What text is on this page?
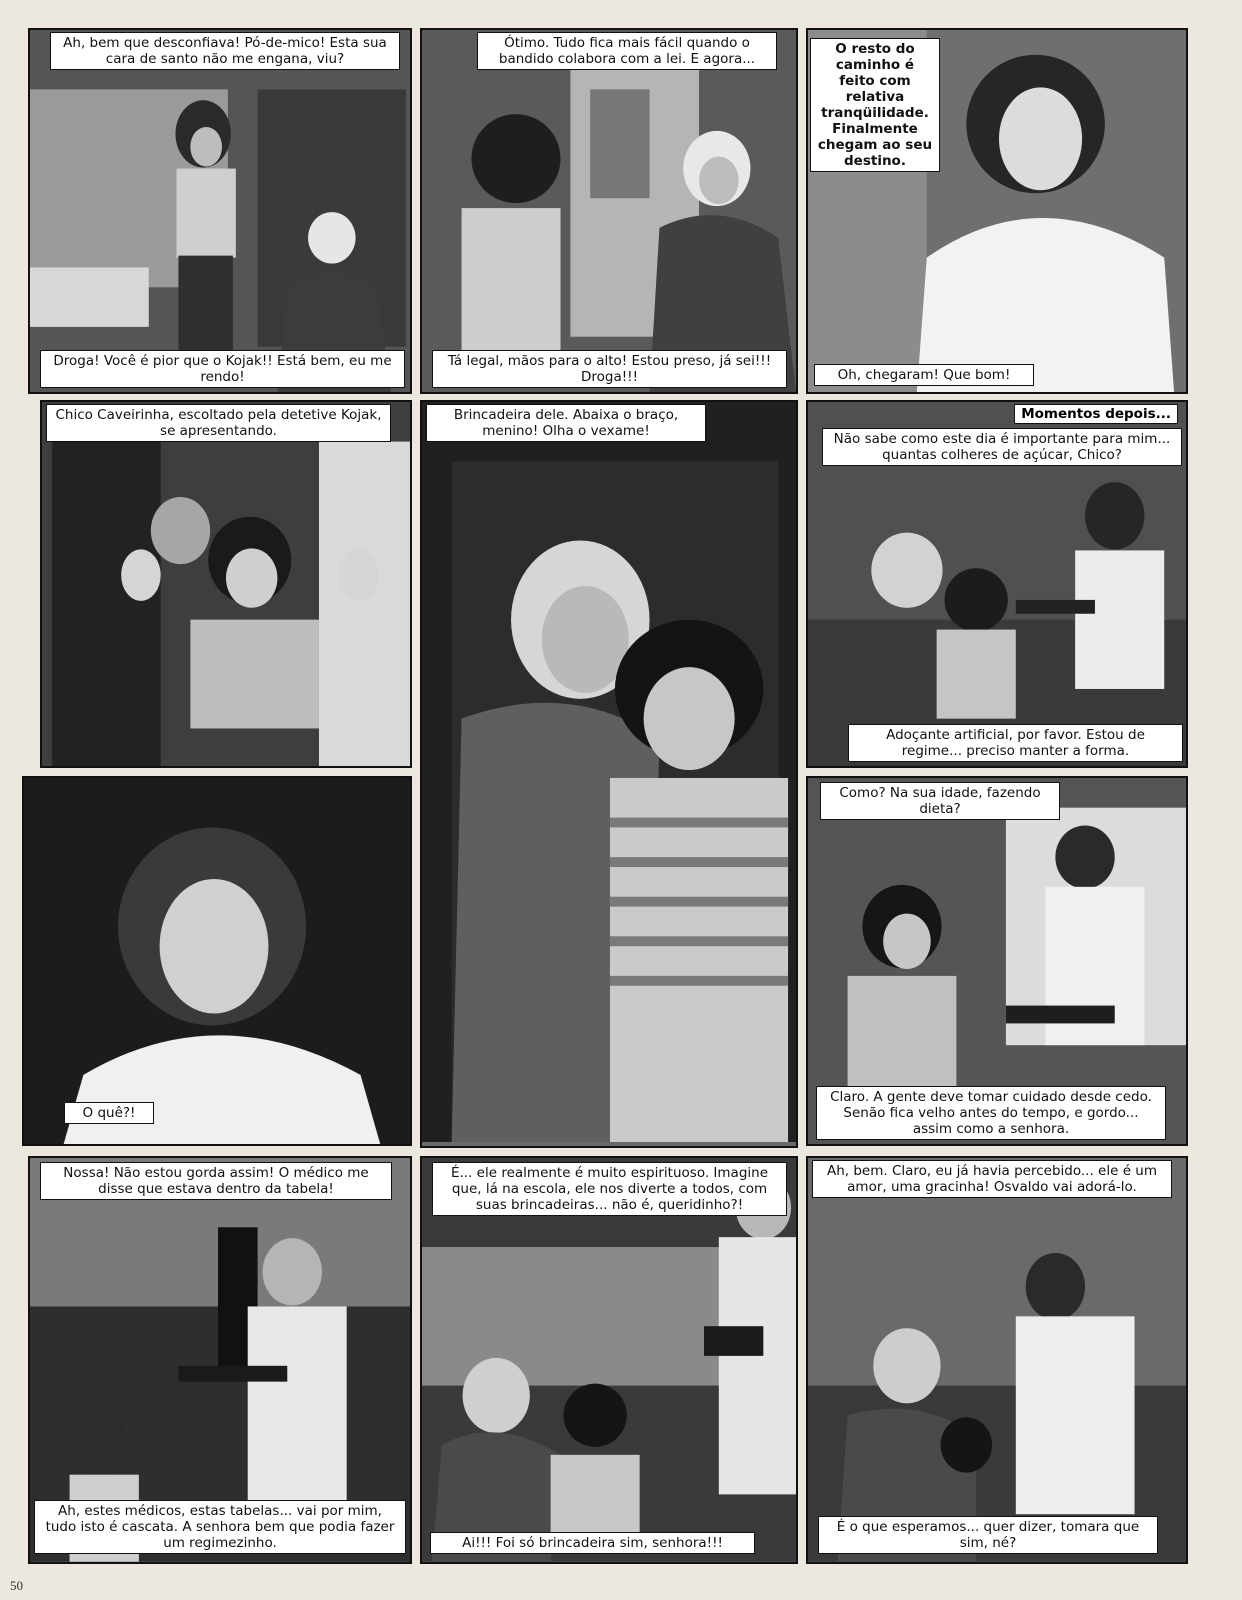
Ah, bem que desconfiava! Pó-de-mico! Esta sua cara de santo não me engana, viu?
Droga! Você é pior que o Kojak!! Está bem, eu me rendo!
Ótimo. Tudo fica mais fácil quando o bandido colabora com a lei. E agora...
Tá legal, mãos para o alto! Estou preso, já sei!!! Droga!!!
O resto do caminho é feito com relativa tranqüilidade. Finalmente chegam ao seu destino.
Oh, chegaram! Que bom!
Chico Caveirinha, escoltado pela detetive Kojak, se apresentando.
Brincadeira dele. Abaixa o braço, menino! Olha o vexame!
Momentos depois...
Não sabe como este dia é importante para mim... quantas colheres de açúcar, Chico?
Adoçante artificial, por favor. Estou de regime... preciso manter a forma.
O quê?!
Como? Na sua idade, fazendo dieta?
Claro. A gente deve tomar cuidado desde cedo. Senão fica velho antes do tempo, e gordo... assim como a senhora.
Nossa! Não estou gorda assim! O médico me disse que estava dentro da tabela!
Ah, estes médicos, estas tabelas... vai por mim, tudo isto é cascata. A senhora bem que podia fazer um regimezinho.
É... ele realmente é muito espirituoso. Imagine que, lá na escola, ele nos diverte a todos, com suas brincadeiras... não é, queridinho?!
Ai!!! Foi só brincadeira sim, senhora!!!
Ah, bem. Claro, eu já havia percebido... ele é um amor, uma gracinha! Osvaldo vai adorá-lo.
É o que esperamos... quer dizer, tomara que sim, né?
50
